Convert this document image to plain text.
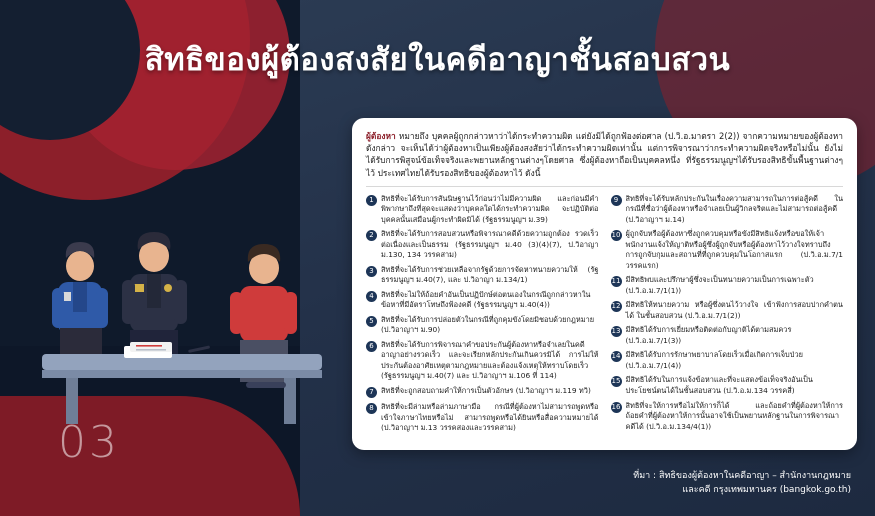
สิทธิของผู้ต้องสงสัยในคดีอาญาชั้นสอบสวน
03
ผู้ต้องหา หมายถึง บุคคลผู้ถูกกล่าวหาว่าได้กระทำความผิด แต่ยังมิได้ถูกฟ้องต่อศาล (ป.วิ.อ.มาตรา 2(2)) จากความหมายของผู้ต้องหาดังกล่าว จะเห็นได้ว่าผู้ต้องหาเป็นเพียงผู้ต้องสงสัยว่าได้กระทำความผิดเท่านั้น แต่การพิจารณาว่ากระทำความผิดจริงหรือไม่นั้น ยังไม่ได้รับการพิสูจน์ข้อเท็จจริงและพยานหลักฐานต่างๆโดยศาล ซึ่งผู้ต้องหาถือเป็นบุคคลหนึ่ง ที่รัฐธรรมนูญฯได้รับรองสิทธิขั้นพื้นฐานต่างๆไว้ ประเทศไทยได้รับรองสิทธิของผู้ต้องหาไว้ ดังนี้
1 สิทธิที่จะได้รับการสันนิษฐานไว้ก่อนว่าไม่มีความผิด และก่อนมีคำพิพากษาถึงที่สุดจะแสดงว่าบุคคลใดได้กระทำความผิด จะปฏิบัติต่อบุคคลนั้นเสมือนผู้กระทำผิดมิได้ (รัฐธรรมนูญฯ ม.39)
2 สิทธิที่จะได้รับการสอบสวนหรือพิจารณาคดีด้วยความถูกต้อง รวดเร็วต่อเนื่องและเป็นธรรม (รัฐธรรมนูญฯ ม.40 (3)(4)(7), ป.วิอาญา ม.130, 134 วรรคสาม)
3 สิทธิที่จะได้รับการช่วยเหลือจากรัฐด้วยการจัดหาทนายความให้ (รัฐธรรมนูญฯ ม.40(7), และ ป.วิอาญา ม.134/1)
4 สิทธิที่จะไม่ให้ถ้อยคำอันเป็นปฏิปักษ์ต่อตนเองในกรณีถูกกล่าวหาในข้อหาที่มีอัตราโทษถึงฟ้องคดี (รัฐธรรมนูญฯ ม.40(4))
5 สิทธิที่จะได้รับการปล่อยตัวในกรณีที่ถูกคุมขังโดยมิชอบด้วยกฎหมาย (ป.วิอาญาฯ ม.90)
6 สิทธิที่จะได้รับการพิจารณาคำขอประกันผู้ต้องหาหรือจำเลยในคดีอาญาอย่างรวดเร็ว และจะเรียกหลักประกันเกินควรมิได้ การไม่ให้ประกันต้องอาศัยเหตุตามกฎหมายและต้องแจ้งเหตุให้ทราบโดยเร็ว (รัฐธรรมนูญฯ ม.40(7) และ ป.วิอาญาฯ ม.106 ที่ 114)
7 สิทธิที่จะถูกสอบถามคำให้การเป็นตัวอักษร (ป.วิอาญาฯ ม.119 ทวิ)
8 สิทธิที่จะมีล่ามหรือล่ามภาษามือ กรณีที่ผู้ต้องหาไม่สามารถพูดหรือเข้าใจภาษาไทยหรือไม่ สามารถพูดหรือได้ยินหรือสื่อความหมายได้ (ป.วิอาญาฯ ม.13 วรรคสองและวรรคสาม)
9 สิทธิที่จะได้รับหลักประกันในเรื่องความสามารถในการต่อสู้คดี ในกรณีที่ชื่อว่าผู้ต้องหาหรือจำเลยเป็นผู้วิกลจริตและไม่สามารถต่อสู้คดี (ป.วิอาญาฯ ม.14)
10 ผู้ถูกจับหรือผู้ต้องหาซึ่งถูกควบคุมหรือขังมีสิทธิแจ้งหรือขอให้เจ้าพนักงานแจ้งให้ญาติหรือผู้ซึ่งผู้ถูกจับหรือผู้ต้องหาไว้วางใจทราบถึงการถูกจับกุมและสถานที่ที่ถูกควบคุมในโอกาสแรก (ป.วิ.อ.ม.7/1 วรรคแรก)
11 มีสิทธิพบและปรึกษาผู้ซึ่งจะเป็นทนายความเป็นการเฉพาะตัว (ป.วิ.อ.ม.7/1(1))
12 มีสิทธิให้ทนายความ หรือผู้ซึ่งตนไว้วางใจ เข้าฟังการสอบปากคำตนได้ ในชั้นสอบสวน (ป.วิ.อ.ม.7/1(2))
13 มีสิทธิได้รับการเยี่ยมหรือติดต่อกับญาติได้ตามสมควร (ป.วิ.อ.ม.7/1(3))
14 มีสิทธิได้รับการรักษาพยาบาลโดยเร็วเมื่อเกิดการเจ็บป่วย (ป.วิ.อ.ม.7/1(4))
15 มีสิทธิได้รับในการแจ้งข้อหาและที่จะแสดงข้อเท็จจริงอันเป็นประโยชน์ตนได้ในชั้นสอบสวน (ป.วิ.อ.ม.134 วรรคสี่)
16 สิทธิที่จะให้การหรือไม่ให้การก็ได้ และถ้อยคำที่ผู้ต้องหาให้การ ถ้อยคำที่ผู้ต้องหาให้การนั้นอาจใช้เป็นพยานหลักฐานในการพิจารณาคดีได้ (ป.วิ.อ.ม.134/4(1))
ที่มา : สิทธิของผู้ต้องหาในคดีอาญา – สำนักงานกฎหมาย
และคดี กรุงเทพมหานคร (bangkok.go.th)
